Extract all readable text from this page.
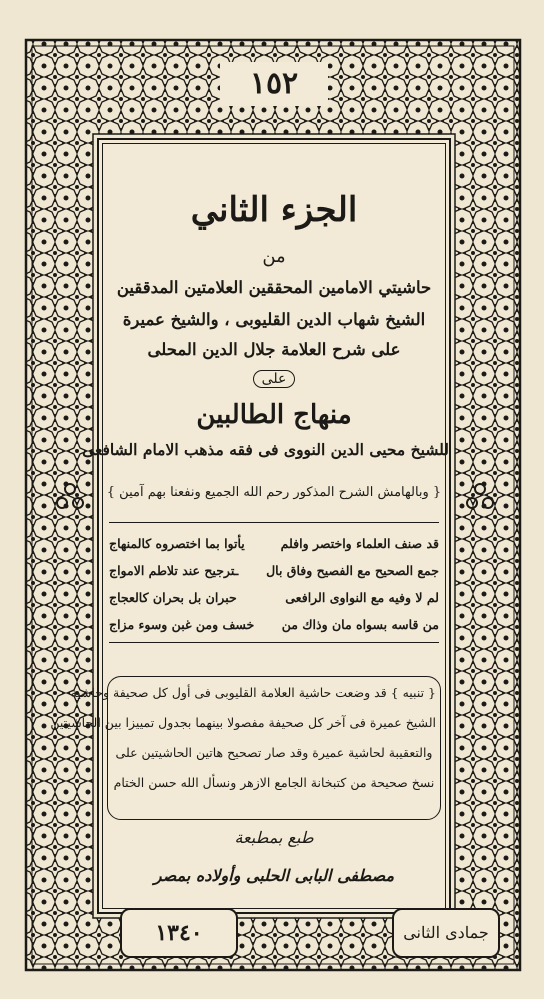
١٥٢
الجزء الثاني
من
حاشيتي الامامين المحققين العلامتين المدققين
الشيخ شهاب الدين القليوبى ، والشيخ عميرة
على شرح العلامة جلال الدين المحلى
على
منهاج الطالبين
للشيخ محيى الدين النووى فى فقه مذهب الامام الشافعى
{ وبالهامش الشرح المذكور رحم الله الجميع ونفعنا بهم آمين }
قد صنف العلماء واختصر وافلم
يأتوا بما اختصروه كالمنهاج
جمع الصحيح مع الفصيح وفاق بال
ـترجيح عند تلاطم الامواج
لم لا وفيه مع النواوى الرافعى
حبران بل بحران كالعجاج
من قاسه بسواه مان وذاك من
خسف ومن غبن وسوء مزاج
{ تنبيه } قد وضعت حاشية العلامة القليوبى فى أول كل صحيفة وحاشية
الشيخ عميرة فى آخر كل صحيفة مفصولا بينهما بجدول تمييزا بين الحاشيتين
والتعقيبة لحاشية عميرة وقد صار تصحيح هاتين الحاشيتين على
نسخ صحيحة من كتبخانة الجامع الازهر ونسأل الله حسن الختام
طبع بمطبعة
مصطفى البابى الحلبى وأولاده بمصر
١٣٤٠	جمادى الثانى
